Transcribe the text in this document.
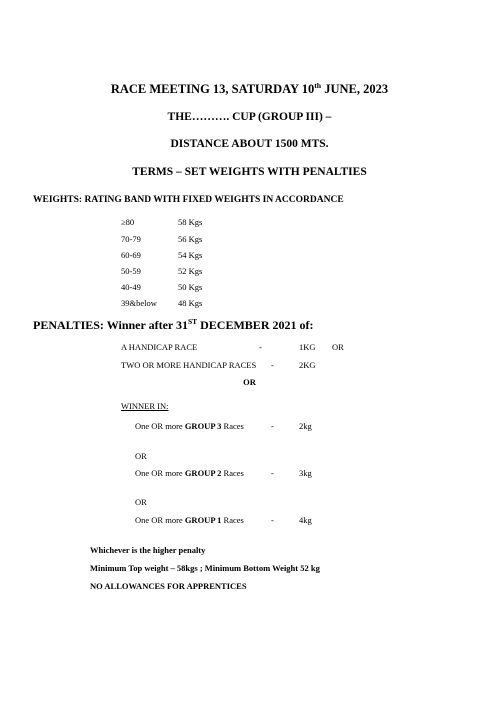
RACE MEETING 13, SATURDAY 10th JUNE, 2023
THE………. CUP (GROUP III) –
DISTANCE ABOUT 1500 MTS.
TERMS – SET WEIGHTS WITH PENALTIES
WEIGHTS: RATING BAND WITH FIXED WEIGHTS IN ACCORDANCE
≥80	58 Kgs
70-79	56 Kgs
60-69	54 Kgs
50-59	52 Kgs
40-49	50 Kgs
39&below 48 Kgs
PENALTIES: Winner after 31ST DECEMBER 2021 of:
A HANDICAP RACE	-	1KG OR
TWO OR MORE HANDICAP RACES -	2KG
OR
WINNER IN:
One OR more GROUP 3 Races	-	2kg
OR
One OR more GROUP 2 Races	-	3kg
OR
One OR more GROUP 1 Races	-	4kg
Whichever is the higher penalty
Minimum Top weight – 58kgs ; Minimum Bottom Weight 52 kg
NO ALLOWANCES FOR APPRENTICES
